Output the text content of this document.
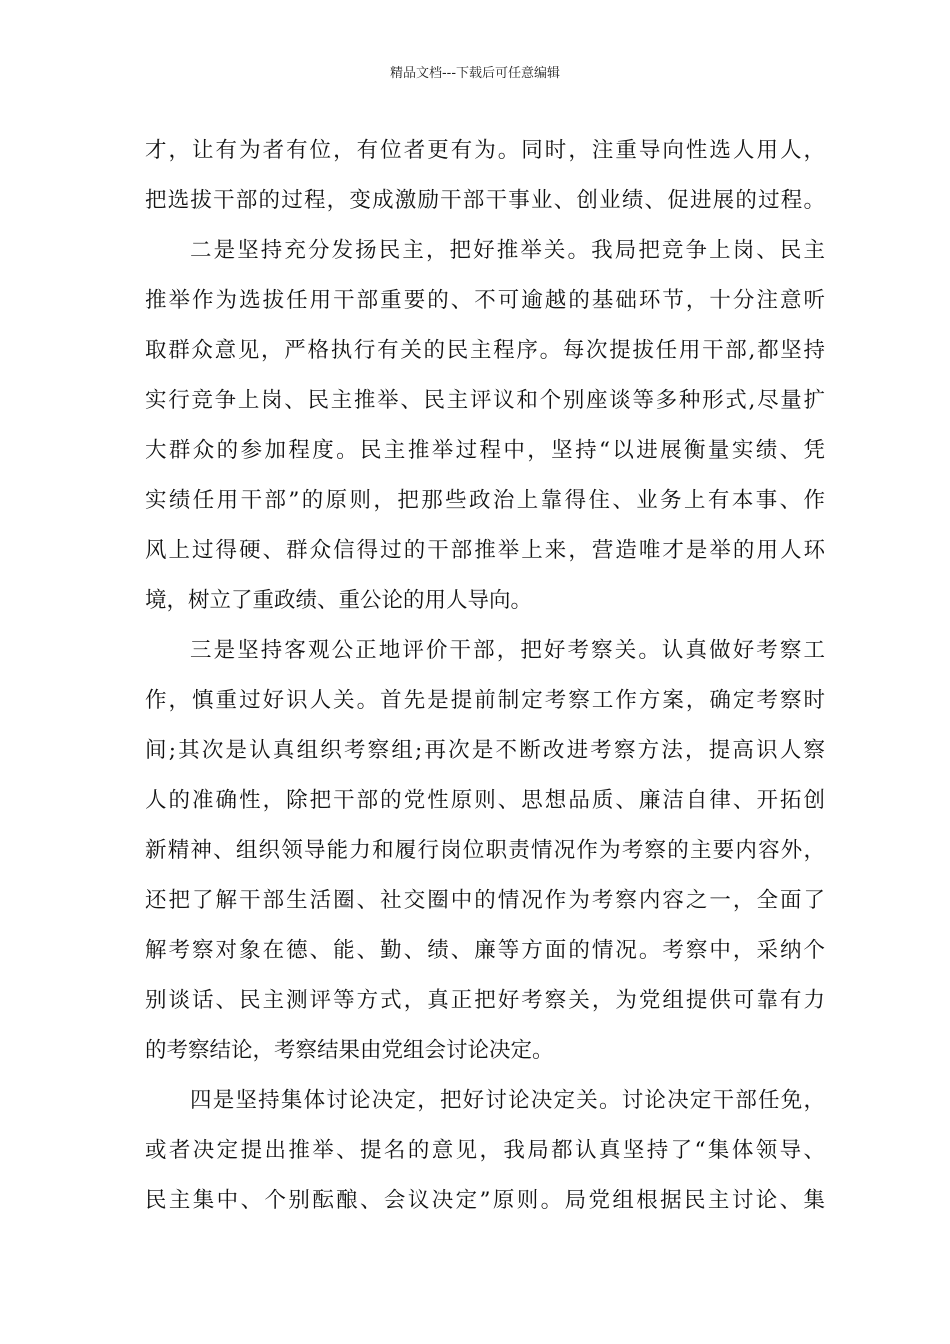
精品文档---下载后可任意编辑
才，让有为者有位，有位者更有为。同时，注重导向性选人用人，
把选拔干部的过程，变成激励干部干事业、创业绩、促进展的过程。
二是坚持充分发扬民主，把好推举关。我局把竞争上岗、民主
推举作为选拔任用干部重要的、不可逾越的基础环节，十分注意听
取群众意见，严格执行有关的民主程序。每次提拔任用干部,都坚持
实行竞争上岗、民主推举、民主评议和个别座谈等多种形式,尽量扩
大群众的参加程度。民主推举过程中，坚持“以进展衡量实绩、凭
实绩任用干部”的原则，把那些政治上靠得住、业务上有本事、作
风上过得硬、群众信得过的干部推举上来，营造唯才是举的用人环
境，树立了重政绩、重公论的用人导向。
三是坚持客观公正地评价干部，把好考察关。认真做好考察工
作，慎重过好识人关。首先是提前制定考察工作方案，确定考察时
间;其次是认真组织考察组;再次是不断改进考察方法，提高识人察
人的准确性，除把干部的党性原则、思想品质、廉洁自律、开拓创
新精神、组织领导能力和履行岗位职责情况作为考察的主要内容外，
还把了解干部生活圈、社交圈中的情况作为考察内容之一，全面了
解考察对象在德、能、勤、绩、廉等方面的情况。考察中，采纳个
别谈话、民主测评等方式，真正把好考察关，为党组提供可靠有力
的考察结论，考察结果由党组会讨论决定。
四是坚持集体讨论决定，把好讨论决定关。讨论决定干部任免，
或者决定提出推举、提名的意见，我局都认真坚持了“集体领导、
民主集中、个别酝酿、会议决定”原则。局党组根据民主讨论、集
